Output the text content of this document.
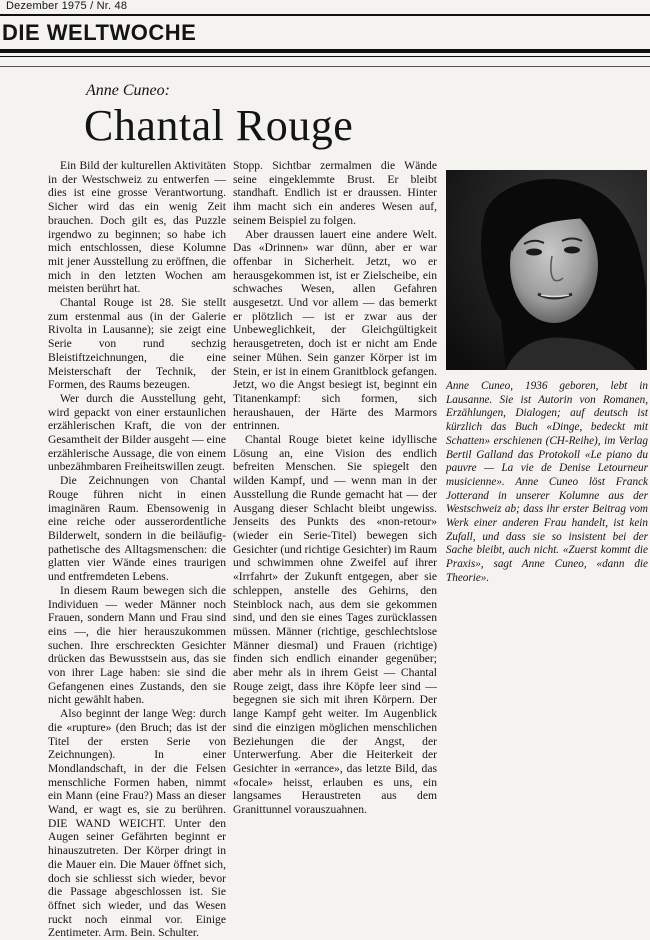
Dezember 1975 / Nr. 48
DIE WELTWOCHE
Anne Cuneo:
Chantal Rouge

Ein Bild der kulturellen Aktivitäten in der Westschweiz zu entwerfen — dies ist eine grosse Verantwortung. Sicher wird das ein wenig Zeit brauchen. Doch gilt es, das Puzzle irgendwo zu beginnen; so habe ich mich entschlossen, diese Kolumne mit jener Ausstellung zu eröffnen, die mich in den letzten Wochen am meisten berührt hat.

Chantal Rouge ist 28. Sie stellt zum erstenmal aus (in der Galerie Rivolta in Lausanne); sie zeigt eine Serie von rund sechzig Bleistiftzeichnungen, die eine Meisterschaft der Technik, der Formen, des Raums bezeugen.

Wer durch die Ausstellung geht, wird gepackt von einer erstaunlichen erzählerischen Kraft, die von der Gesamtheit der Bilder ausgeht — eine erzählerische Aussage, die von einem unbezähmbaren Freiheitswillen zeugt.

Die Zeichnungen von Chantal Rouge führen nicht in einen imaginären Raum. Ebensowenig in eine reiche oder ausserordentliche Bilderwelt, sondern in die beiläufig-pathetische des Alltagsmenschen: die glatten vier Wände eines traurigen und entfremdeten Lebens.

In diesem Raum bewegen sich die Individuen — weder Männer noch Frauen, sondern Mann und Frau sind eins —, die hier herauszukommen suchen. Ihre erschreckten Gesichter drücken das Bewusstsein aus, das sie von ihrer Lage haben: sie sind die Gefangenen eines Zustands, den sie nicht gewählt haben.

Also beginnt der lange Weg: durch die «rupture» (den Bruch; das ist der Titel der ersten Serie von Zeichnungen). In einer Mondlandschaft, in der die Felsen menschliche Formen haben, nimmt ein Mann (eine Frau?) Mass an dieser Wand, er wagt es, sie zu berühren. DIE WAND WEICHT. Unter den Augen seiner Gefährten beginnt er hinauszutreten. Der Körper dringt in die Mauer ein. Die Mauer öffnet sich, doch sie schliesst sich wieder, bevor die Passage abgeschlossen ist. Sie öffnet sich wieder, und das Wesen ruckt noch einmal vor. Einige Zentimeter. Arm. Bein. Schulter.

Stopp. Sichtbar zermalmen die Wände seine eingeklemmte Brust. Er bleibt standhaft. Endlich ist er draussen. Hinter ihm macht sich ein anderes Wesen auf, seinem Beispiel zu folgen.

Aber draussen lauert eine andere Welt. Das «Drinnen» war dünn, aber er war offenbar in Sicherheit. Jetzt, wo er herausgekommen ist, ist er Zielscheibe, ein schwaches Wesen, allen Gefahren ausgesetzt. Und vor allem — das bemerkt er plötzlich — ist er zwar aus der Unbeweglichkeit, der Gleichgültigkeit herausgetreten, doch ist er nicht am Ende seiner Mühen. Sein ganzer Körper ist im Stein, er ist in einem Granitblock gefangen. Jetzt, wo die Angst besiegt ist, beginnt ein Titanenkampf: sich formen, sich heraushauen, der Härte des Marmors entrinnen.

Chantal Rouge bietet keine idyllische Lösung an, eine Vision des endlich befreiten Menschen. Sie spiegelt den wilden Kampf, und — wenn man in der Ausstellung die Runde gemacht hat — der Ausgang dieser Schlacht bleibt ungewiss. Jenseits des Punkts des «non-retour» (wieder ein Serie-Titel) bewegen sich Gesichter (und richtige Gesichter) im Raum und schwimmen ohne Zweifel auf ihrer «Irrfahrt» der Zukunft entgegen, aber sie schleppen, anstelle des Gehirns, den Steinblock nach, aus dem sie gekommen sind, und den sie eines Tages zurücklassen müssen. Männer (richtige, geschlechtslose Männer diesmal) und Frauen (richtige) finden sich endlich einander gegenüber; aber mehr als in ihrem Geist — Chantal Rouge zeigt, dass ihre Köpfe leer sind — begegnen sie sich mit ihren Körpern. Der lange Kampf geht weiter. Im Augenblick sind die einzigen möglichen menschlichen Beziehungen die der Angst, der Unterwerfung. Aber die Heiterkeit der Gesichter in «errance», das letzte Bild, das «focale» heisst, erlauben es uns, ein langsames Heraustreten aus dem Granittunnel vorauszuahnen.

Anne Cuneo, 1936 geboren, lebt in Lausanne. Sie ist Autorin von Romanen, Erzählungen, Dialogen; auf deutsch ist kürzlich das Buch «Dinge, bedeckt mit Schatten» erschienen (CH-Reihe), im Verlag Bertil Galland das Protokoll «Le piano du pauvre — La vie de Denise Letourneur musicienne». Anne Cuneo löst Franck Jotterand in unserer Kolumne aus der Westschweiz ab; dass ihr erster Beitrag vom Werk einer anderen Frau handelt, ist kein Zufall, und dass sie so insistent bei der Sache bleibt, auch nicht. «Zuerst kommt die Praxis», sagt Anne Cuneo, «dann die Theorie».
